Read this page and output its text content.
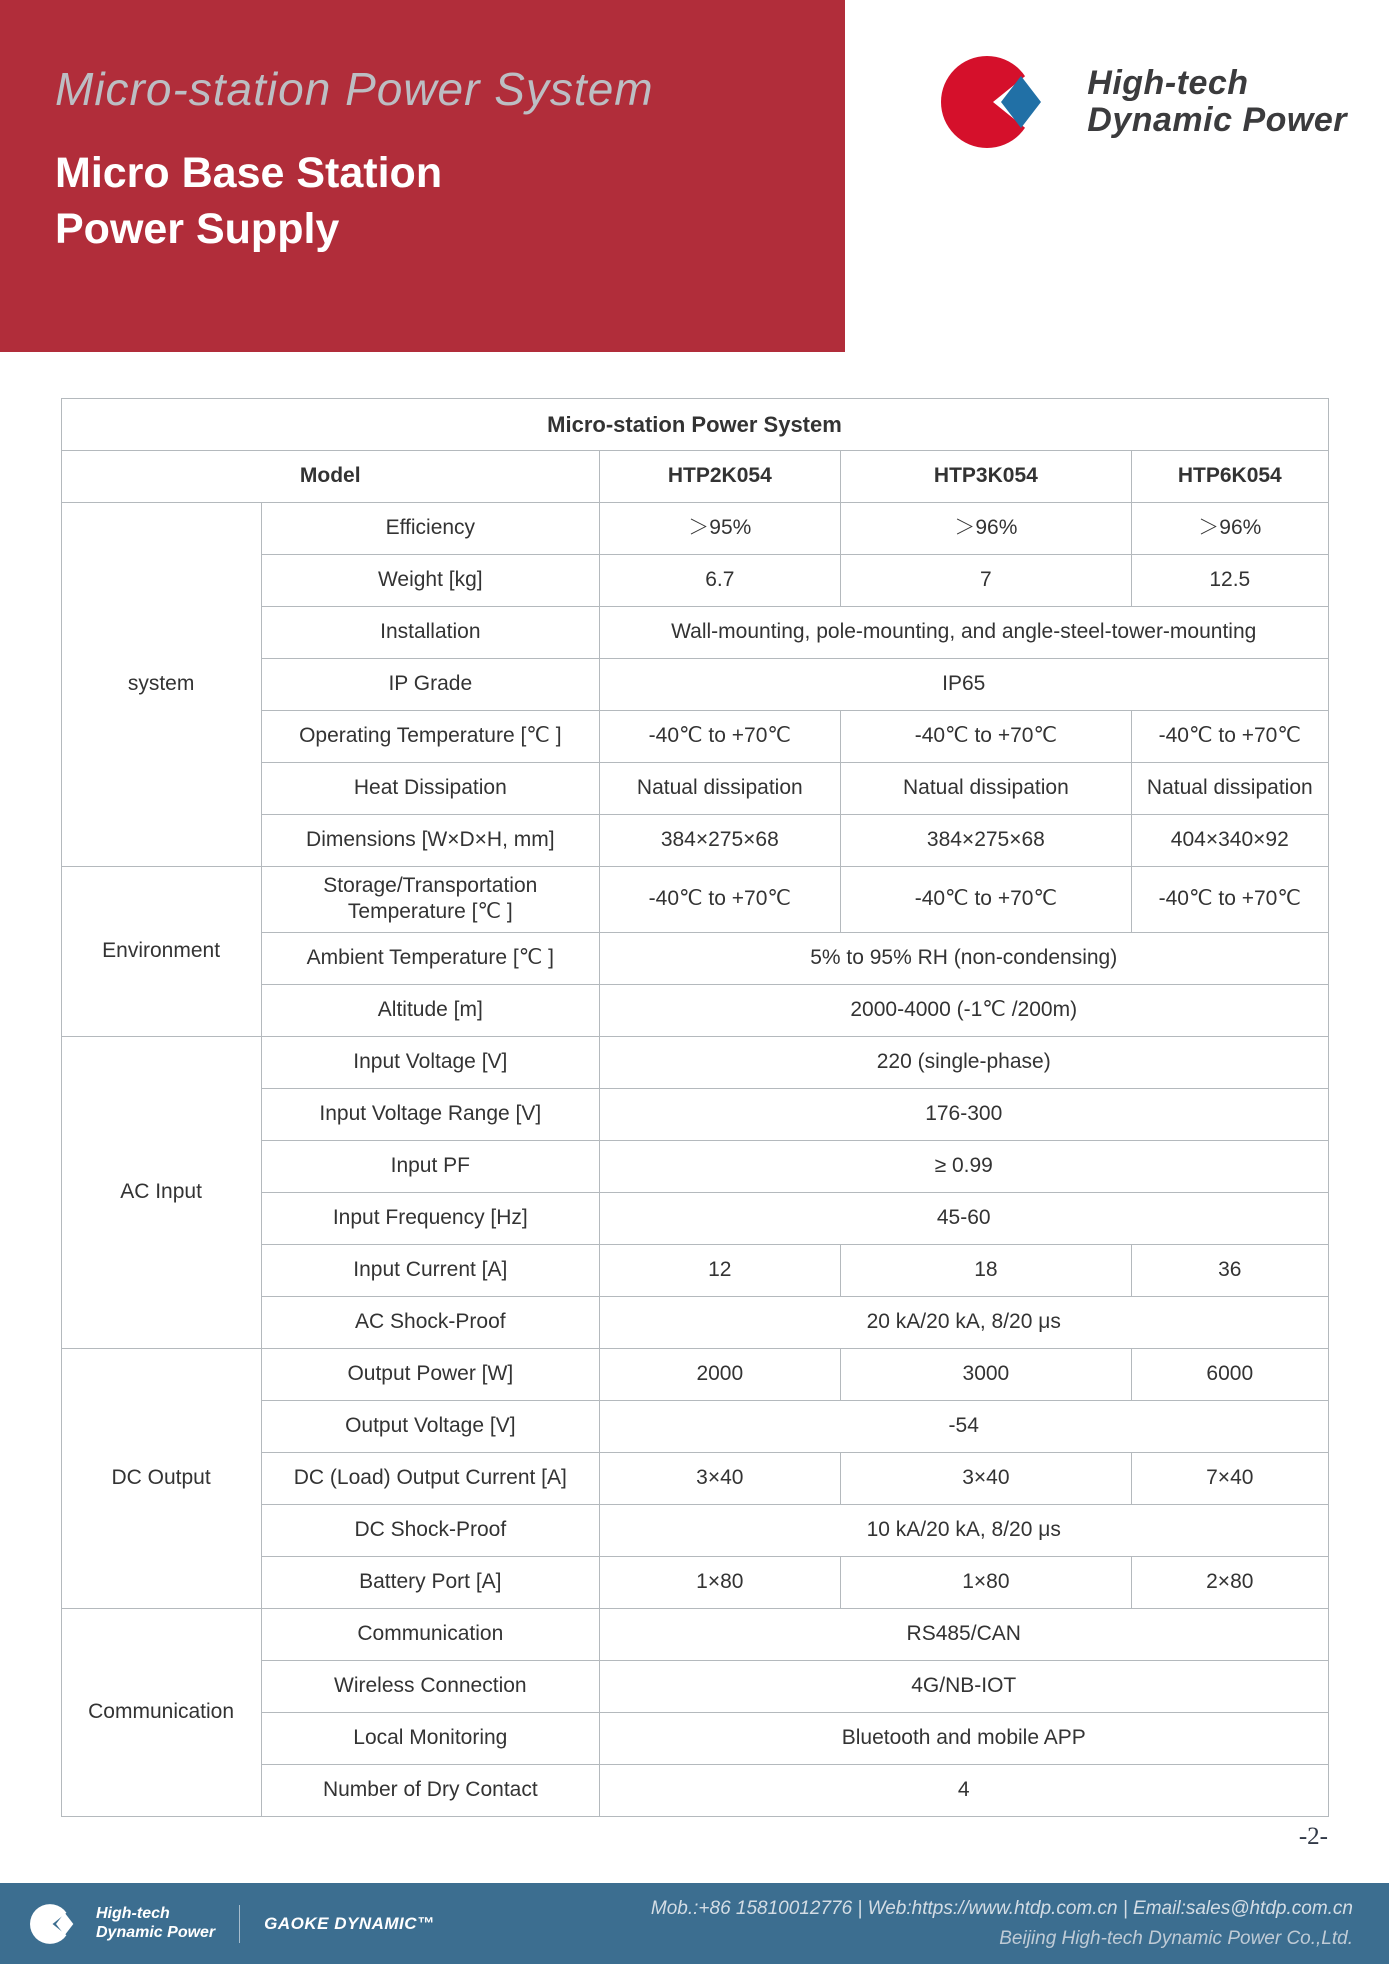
Micro-station Power System
Micro Base Station Power Supply
High-tech
Dynamic Power
Micro-station Power System				
Model		HTP2K054	HTP3K054	HTP6K054
system	Efficiency	＞95%	＞96%	＞96%
	Weight [kg]	6.7	7	12.5
	Installation	Wall-mounting, pole-mounting, and angle-steel-tower-mounting		
	IP Grade	IP65		
	Operating Temperature [℃ ]	-40℃ to +70℃	-40℃ to +70℃	-40℃ to +70℃
	Heat Dissipation	Natual dissipation	Natual dissipation	Natual dissipation
	Dimensions [W×D×H, mm]	384×275×68	384×275×68	404×340×92
Environment	Storage/Transportation Temperature [℃ ]	-40℃ to +70℃	-40℃ to +70℃	-40℃ to +70℃
	Ambient Temperature [℃ ]	5% to 95% RH (non-condensing)		
	Altitude [m]	2000-4000 (-1℃ /200m)		
AC Input	Input Voltage [V]	220 (single-phase)		
	Input Voltage Range [V]	176-300		
	Input PF	≥ 0.99		
	Input Frequency [Hz]	45-60		
	Input Current [A]	12	18	36
	AC Shock-Proof	20 kA/20 kA, 8/20 μs		
DC Output	Output Power [W]	2000	3000	6000
	Output Voltage [V]	-54		
	DC (Load) Output Current [A]	3×40	3×40	7×40
	DC Shock-Proof	10 kA/20 kA, 8/20 μs		
	Battery Port [A]	1×80	1×80	2×80
Communication	Communication	RS485/CAN		
	Wireless Connection	4G/NB-IOT		
	Local Monitoring	Bluetooth and mobile APP		
	Number of Dry Contact	4		
-2-
High-tech
Dynamic Power	GAOKE DYNAMIC™
Mob.:+86 15810012776 | Web:https://www.htdp.com.cn | Email:sales@htdp.com.cn
Beijing High-tech Dynamic Power Co.,Ltd.
